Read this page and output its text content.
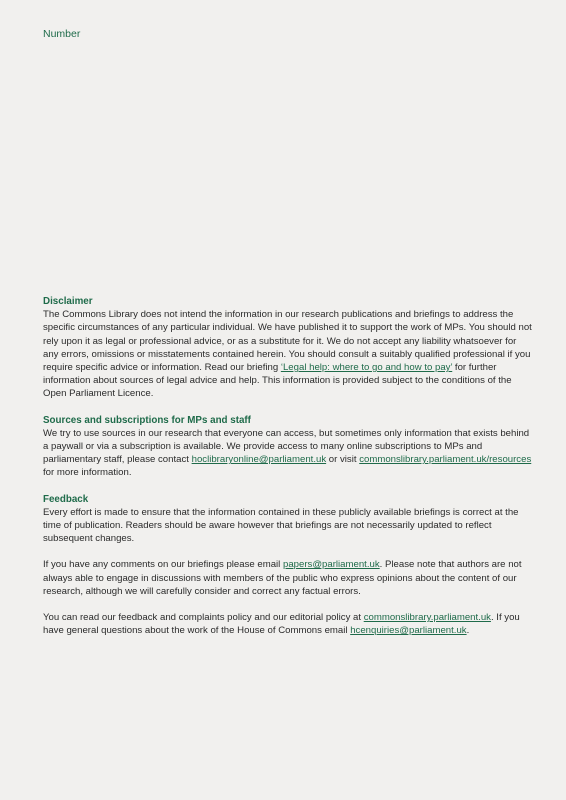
Number

Disclaimer

The Commons Library does not intend the information in our research publications and briefings to address the specific circumstances of any particular individual. We have published it to support the work of MPs. You should not rely upon it as legal or professional advice, or as a substitute for it. We do not accept any liability whatsoever for any errors, omissions or misstatements contained herein. You should consult a suitably qualified professional if you require specific advice or information. Read our briefing ‘Legal help: where to go and how to pay’ for further information about sources of legal advice and help. This information is provided subject to the conditions of the Open Parliament Licence.

Sources and subscriptions for MPs and staff

We try to use sources in our research that everyone can access, but sometimes only information that exists behind a paywall or via a subscription is available. We provide access to many online subscriptions to MPs and parliamentary staff, please contact hoclibraryonline@parliament.uk or visit commonslibrary.parliament.uk/resources for more information.

Feedback

Every effort is made to ensure that the information contained in these publicly available briefings is correct at the time of publication. Readers should be aware however that briefings are not necessarily updated to reflect subsequent changes.

If you have any comments on our briefings please email papers@parliament.uk. Please note that authors are not always able to engage in discussions with members of the public who express opinions about the content of our research, although we will carefully consider and correct any factual errors.

You can read our feedback and complaints policy and our editorial policy at commonslibrary.parliament.uk. If you have general questions about the work of the House of Commons email hcenquiries@parliament.uk.
